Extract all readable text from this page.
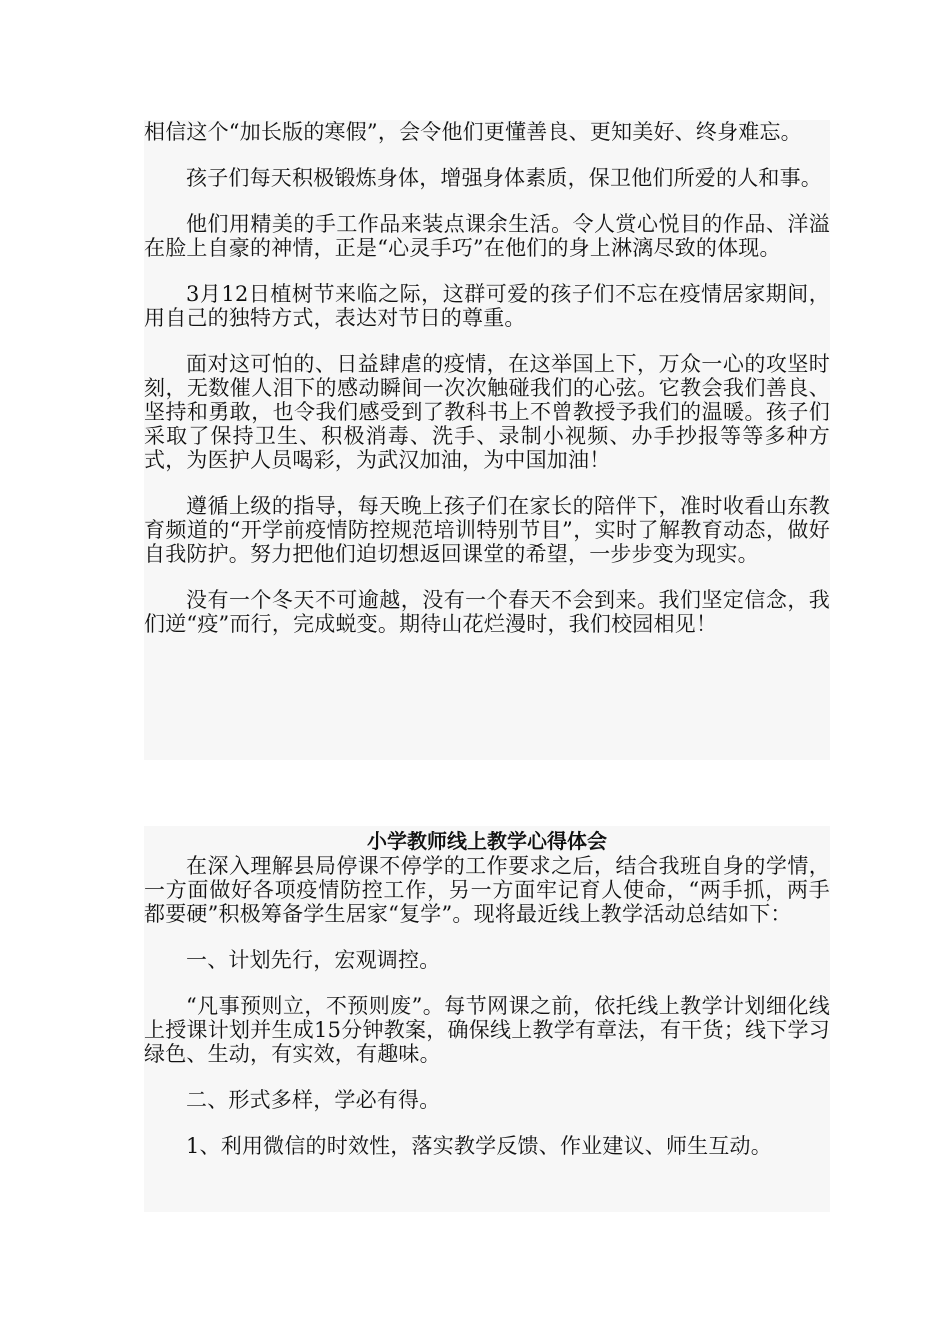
相信这个“加长版的寒假”，会令他们更懂善良、更知美好、终身难忘。

孩子们每天积极锻炼身体，增强身体素质，保卫他们所爱的人和事。

他们用精美的手工作品来装点课余生活。令人赏心悦目的作品、洋溢在脸上自豪的神情，正是“心灵手巧”在他们的身上淋漓尽致的体现。

3月12日植树节来临之际，这群可爱的孩子们不忘在疫情居家期间，用自己的独特方式，表达对节日的尊重。

面对这可怕的、日益肆虐的疫情，在这举国上下，万众一心的攻坚时刻，无数催人泪下的感动瞬间一次次触碰我们的心弦。它教会我们善良、坚持和勇敢，也令我们感受到了教科书上不曾教授予我们的温暖。孩子们采取了保持卫生、积极消毒、洗手、录制小视频、办手抄报等等多种方式，为医护人员喝彩，为武汉加油，为中国加油！

遵循上级的指导，每天晚上孩子们在家长的陪伴下，准时收看山东教育频道的“开学前疫情防控规范培训特别节目”，实时了解教育动态，做好自我防护。努力把他们迫切想返回课堂的希望，一步步变为现实。

没有一个冬天不可逾越，没有一个春天不会到来。我们坚定信念，我们逆“疫”而行，完成蜕变。期待山花烂漫时，我们校园相见！

小学教师线上教学心得体会

在深入理解县局停课不停学的工作要求之后，结合我班自身的学情，一方面做好各项疫情防控工作，另一方面牢记育人使命，“两手抓，两手都要硬”积极筹备学生居家“复学”。现将最近线上教学活动总结如下：

一、计划先行，宏观调控。

“凡事预则立，不预则废”。每节网课之前，依托线上教学计划细化线上授课计划并生成15分钟教案，确保线上教学有章法，有干货；线下学习绿色、生动，有实效，有趣味。

二、形式多样，学必有得。

1、利用微信的时效性，落实教学反馈、作业建议、师生互动。
